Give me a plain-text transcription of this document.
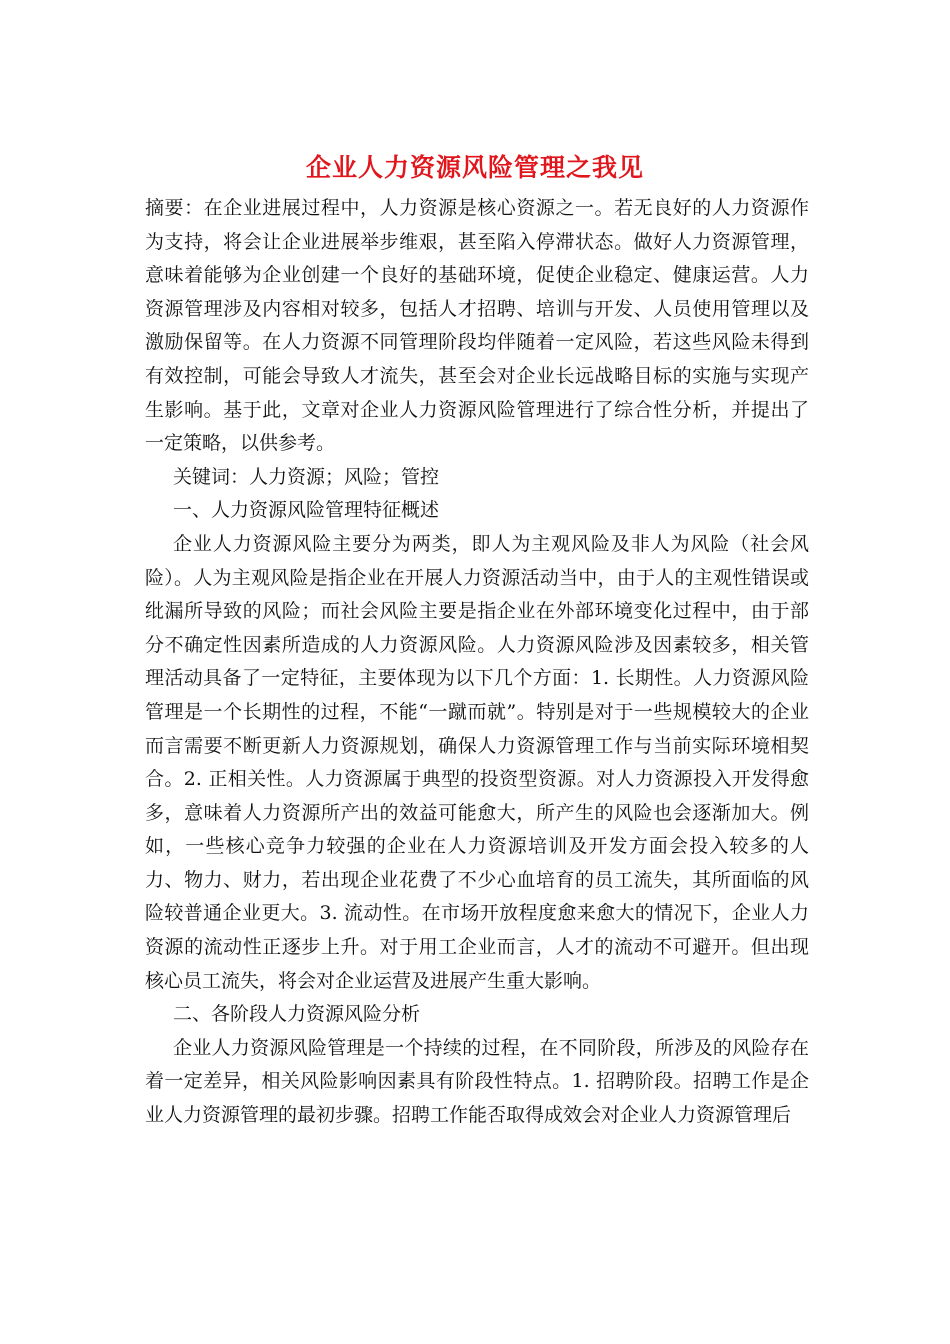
企业人力资源风险管理之我见

摘要：在企业进展过程中，人力资源是核心资源之一。若无良好的人力资源作为支持，将会让企业进展举步维艰，甚至陷入停滞状态。做好人力资源管理，意味着能够为企业创建一个良好的基础环境，促使企业稳定、健康运营。人力资源管理涉及内容相对较多，包括人才招聘、培训与开发、人员使用管理以及激励保留等。在人力资源不同管理阶段均伴随着一定风险，若这些风险未得到有效控制，可能会导致人才流失，甚至会对企业长远战略目标的实施与实现产生影响。基于此，文章对企业人力资源风险管理进行了综合性分析，并提出了一定策略，以供参考。

关键词：人力资源；风险；管控

一、人力资源风险管理特征概述

企业人力资源风险主要分为两类，即人为主观风险及非人为风险（社会风险）。人为主观风险是指企业在开展人力资源活动当中，由于人的主观性错误或纰漏所导致的风险；而社会风险主要是指企业在外部环境变化过程中，由于部分不确定性因素所造成的人力资源风险。人力资源风险涉及因素较多，相关管理活动具备了一定特征，主要体现为以下几个方面：1. 长期性。人力资源风险管理是一个长期性的过程，不能“一蹴而就”。特别是对于一些规模较大的企业而言需要不断更新人力资源规划，确保人力资源管理工作与当前实际环境相契合。2. 正相关性。人力资源属于典型的投资型资源。对人力资源投入开发得愈多，意味着人力资源所产出的效益可能愈大，所产生的风险也会逐渐加大。例如，一些核心竞争力较强的企业在人力资源培训及开发方面会投入较多的人力、物力、财力，若出现企业花费了不少心血培育的员工流失，其所面临的风险较普通企业更大。3. 流动性。在市场开放程度愈来愈大的情况下，企业人力资源的流动性正逐步上升。对于用工企业而言，人才的流动不可避开。但出现核心员工流失，将会对企业运营及进展产生重大影响。

二、各阶段人力资源风险分析

企业人力资源风险管理是一个持续的过程，在不同阶段，所涉及的风险存在着一定差异，相关风险影响因素具有阶段性特点。1. 招聘阶段。招聘工作是企业人力资源管理的最初步骤。招聘工作能否取得成效会对企业人力资源管理后
